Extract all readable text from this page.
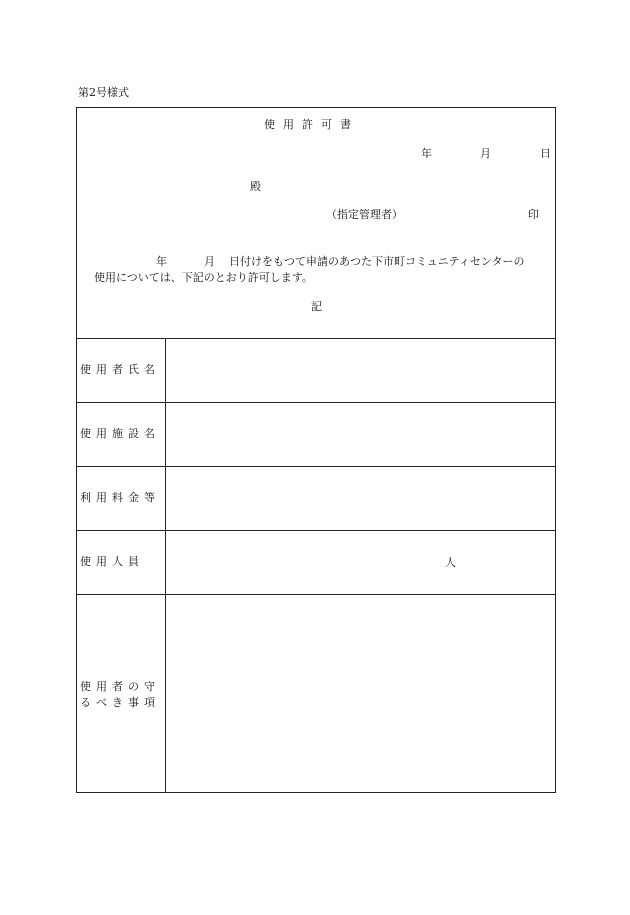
第2号様式
使用許可書
年	月	日
殿
（指定管理者）	印
年	月 日付けをもつて申請のあつた下市町コミュニティセンターの
使用については、下記のとおり許可します。
記
使用者氏名
使用施設名
利用料金等
使用人員	人
使用者の守るべき事項
